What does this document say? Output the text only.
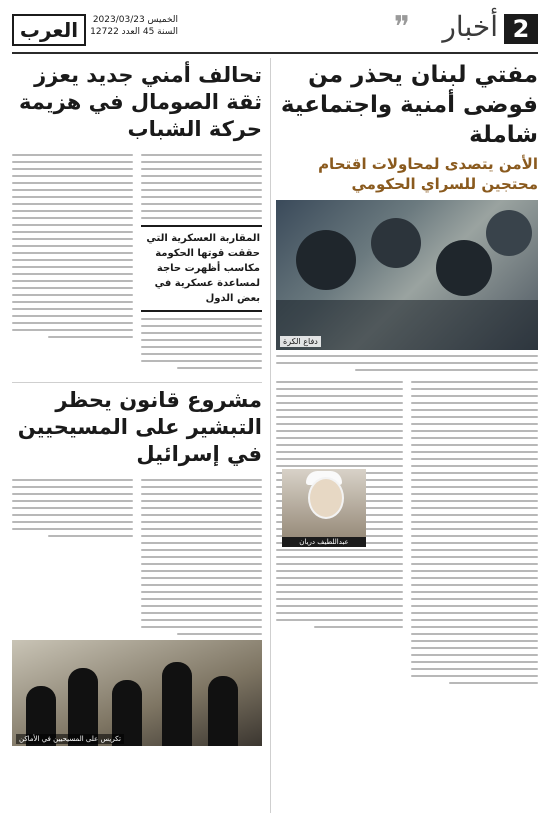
2
أخبار
❞
العرب	الخميس 2023/03/23
السنة 45 العدد 12722
مفتي لبنان يحذر من فوضى أمنية واجتماعية شاملة
الأمن يتصدى لمحاولات اقتحام محتجين للسراي الحكومي
دفاع الكرة
عبداللطيف دريان
تحالف أمني جديد يعزز ثقة الصومال في هزيمة حركة الشباب
المقاربة العسكرية التي حققت قوتها الحكومة مكاسب أظهرت حاجة لمساعدة عسكرية في بعض الدول
مشروع قانون يحظر التبشير على المسيحيين في إسرائيل
تكريس على المسيحيين في الأماكن
